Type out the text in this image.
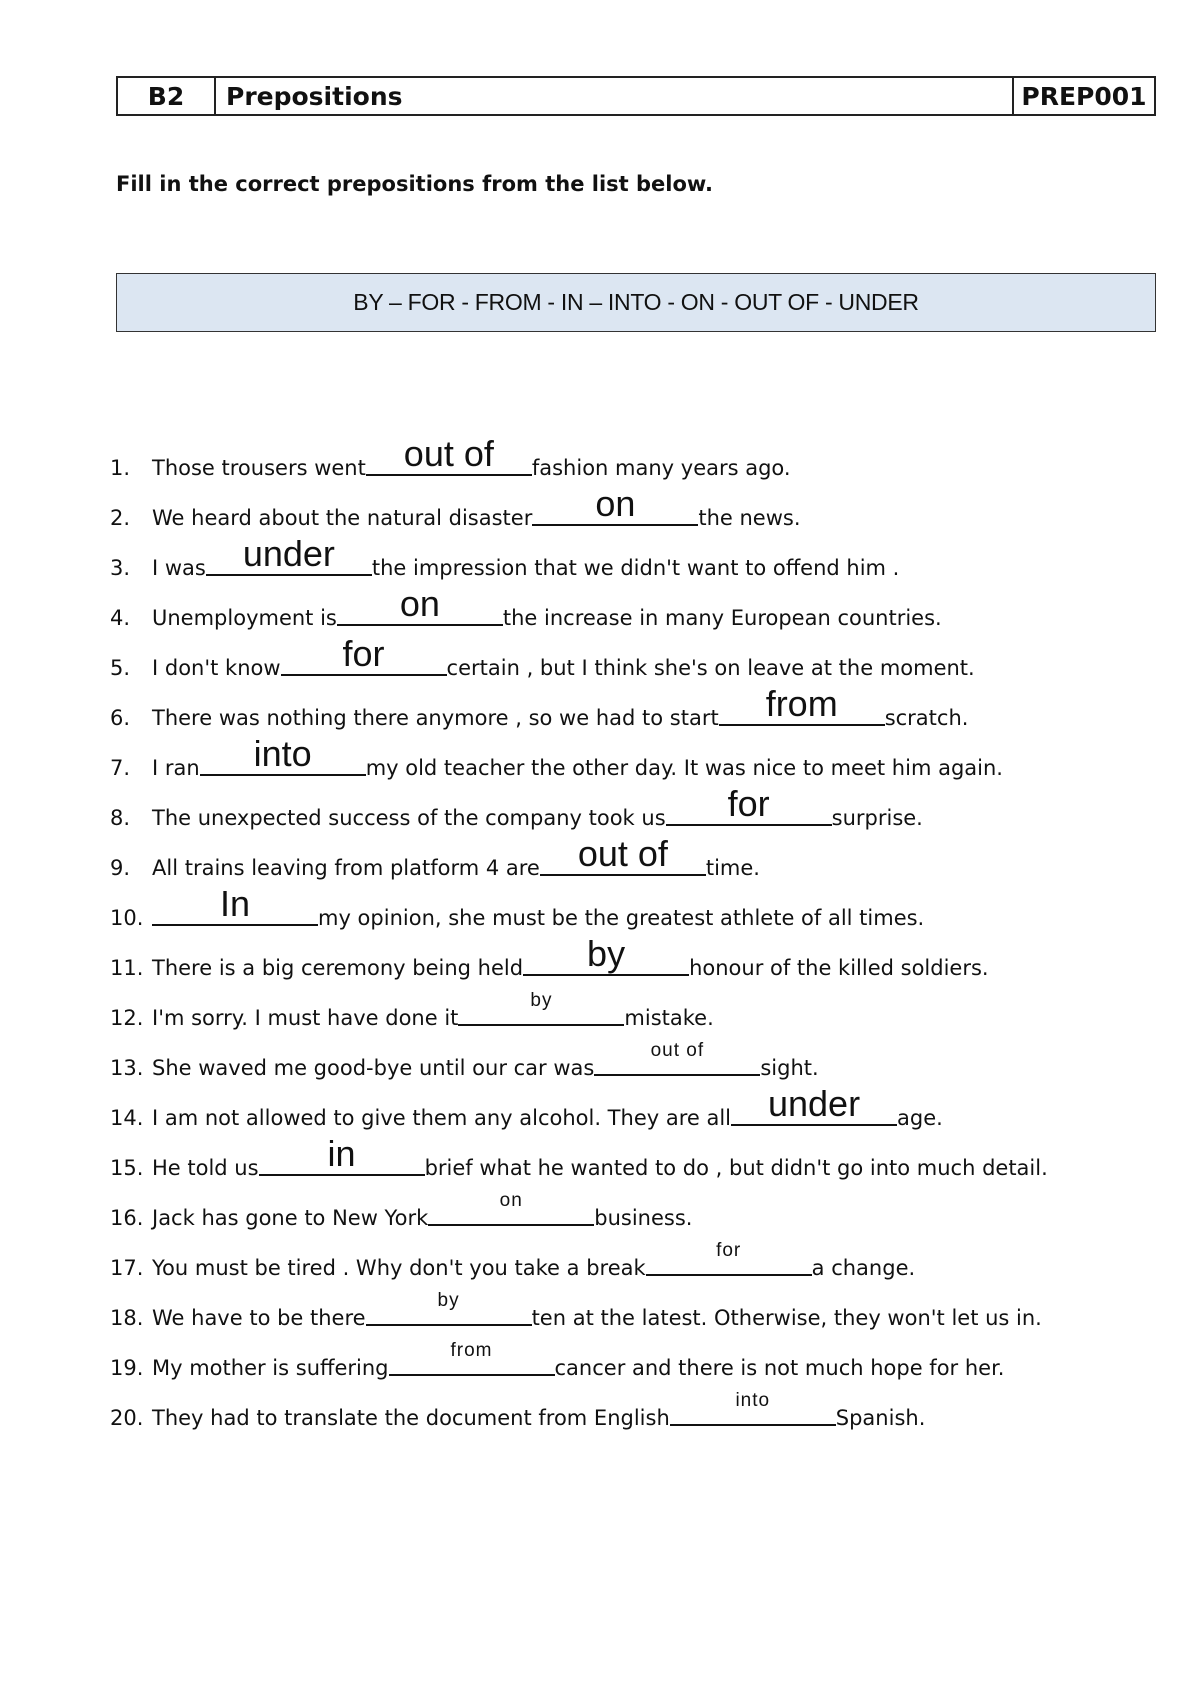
B2	Prepositions	PREP001
Fill in the correct prepositions from the list below.
BY – FOR - FROM - IN – INTO - ON - OUT OF - UNDER
1.	Those trousers went	out of	fashion many years ago.
2.	We heard about the natural disaster	on	the news.
3.	I was	under	the impression that we didn't want to offend him .
4.	Unemployment is	on	the increase in many European countries.
5.	I don't know	for	certain , but I think she's on leave at the moment.
6.	There was nothing there anymore , so we had to start	from	scratch.
7.	I ran	into	my old teacher the other day. It was nice to meet him again.
8.	The unexpected success of the company took us	for	surprise.
9.	All trains leaving from platform 4 are	out of	time.
10.	In	my opinion, she must be the greatest athlete of all times.
11. There is a big ceremony being held	by	honour of the killed soldiers.
12. I'm sorry. I must have done it
by
mistake.
13. She waved me good-bye until our car was
out of
sight.
14. I am not allowed to give them any alcohol. They are all	under	age.
15. He told us	in	brief what he wanted to do , but didn't go into much detail.
16. Jack has gone to New York
on
business.
17. You must be tired . Why don't you take a break
for
a change.
18. We have to be there
by
ten at the latest. Otherwise, they won't let us in.
19. My mother is suffering
from
cancer and there is not much hope for her.
20. They had to translate the document from English
into
Spanish.
